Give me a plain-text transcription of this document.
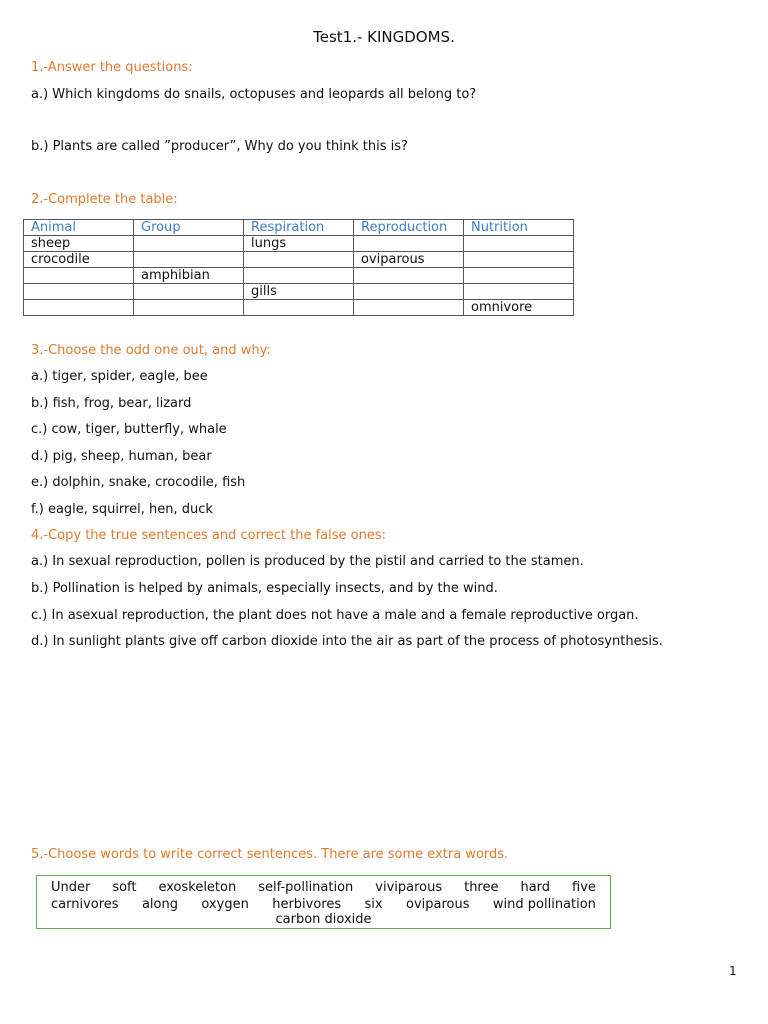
Test1.- KINGDOMS.
1.-Answer the questions:
a.) Which kingdoms do snails, octopuses and leopards all belong to?
b.) Plants are called ”producer”, Why do you think this is?
2.-Complete the table:
Animal	Group	Respiration	Reproduction	Nutrition
sheep		lungs		
crocodile			oviparous	
	amphibian			
		gills		
				omnivore
3.-Choose the odd one out, and why:
a.) tiger, spider, eagle, bee
b.) fish, frog, bear, lizard
c.) cow, tiger, butterfly, whale
d.) pig, sheep, human, bear
e.) dolphin, snake, crocodile, fish
f.) eagle, squirrel, hen, duck
4.-Copy the true sentences and correct the false ones:
a.) In sexual reproduction, pollen is produced by the pistil and carried to the stamen.
b.) Pollination is helped by animals, especially insects, and by the wind.
c.) In asexual reproduction, the plant does not have a male and a female reproductive organ.
d.) In sunlight plants give off carbon dioxide into the air as part of the process of photosynthesis.
5.-Choose words to write correct sentences. There are some extra words.
Under soft exoskeleton self-pollination viviparous three hard five
carnivores along oxygen herbivores six oviparous wind pollination
carbon dioxide
1
